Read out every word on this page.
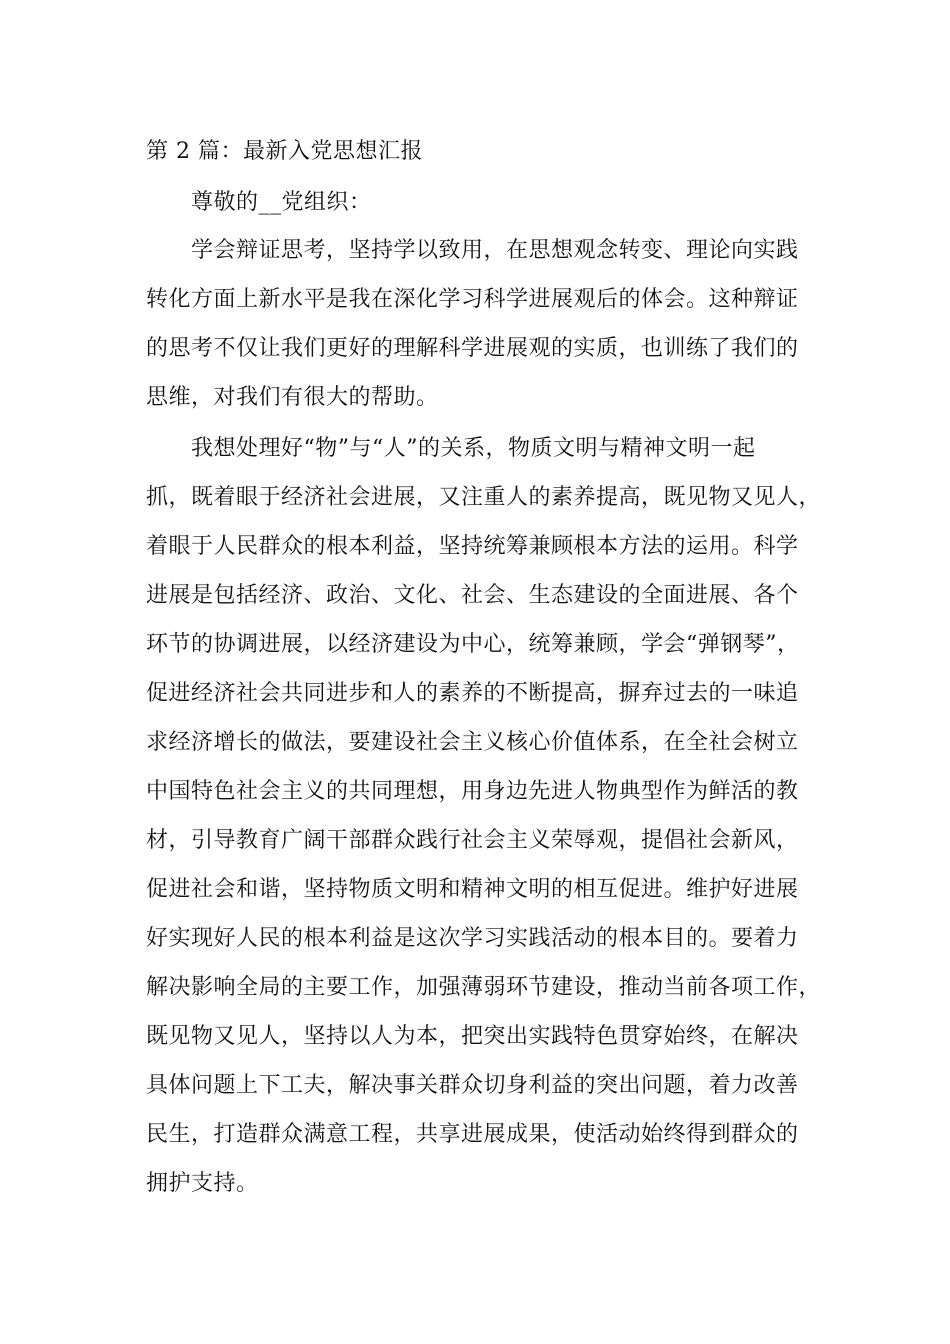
第 2 篇：最新入党思想汇报
尊敬的__党组织：
学会辩证思考，坚持学以致用，在思想观念转变、理论向实践
转化方面上新水平是我在深化学习科学进展观后的体会。这种辩证
的思考不仅让我们更好的理解科学进展观的实质，也训练了我们的
思维，对我们有很大的帮助。
我想处理好“物”与“人”的关系，物质文明与精神文明一起
抓，既着眼于经济社会进展，又注重人的素养提高，既见物又见人，
着眼于人民群众的根本利益，坚持统筹兼顾根本方法的运用。科学
进展是包括经济、政治、文化、社会、生态建设的全面进展、各个
环节的协调进展，以经济建设为中心，统筹兼顾，学会“弹钢琴”，
促进经济社会共同进步和人的素养的不断提高，摒弃过去的一味追
求经济增长的做法，要建设社会主义核心价值体系，在全社会树立
中国特色社会主义的共同理想，用身边先进人物典型作为鲜活的教
材，引导教育广阔干部群众践行社会主义荣辱观，提倡社会新风，
促进社会和谐，坚持物质文明和精神文明的相互促进。维护好进展
好实现好人民的根本利益是这次学习实践活动的根本目的。要着力
解决影响全局的主要工作，加强薄弱环节建设，推动当前各项工作，
既见物又见人，坚持以人为本，把突出实践特色贯穿始终，在解决
具体问题上下工夫，解决事关群众切身利益的突出问题，着力改善
民生，打造群众满意工程，共享进展成果，使活动始终得到群众的
拥护支持。
